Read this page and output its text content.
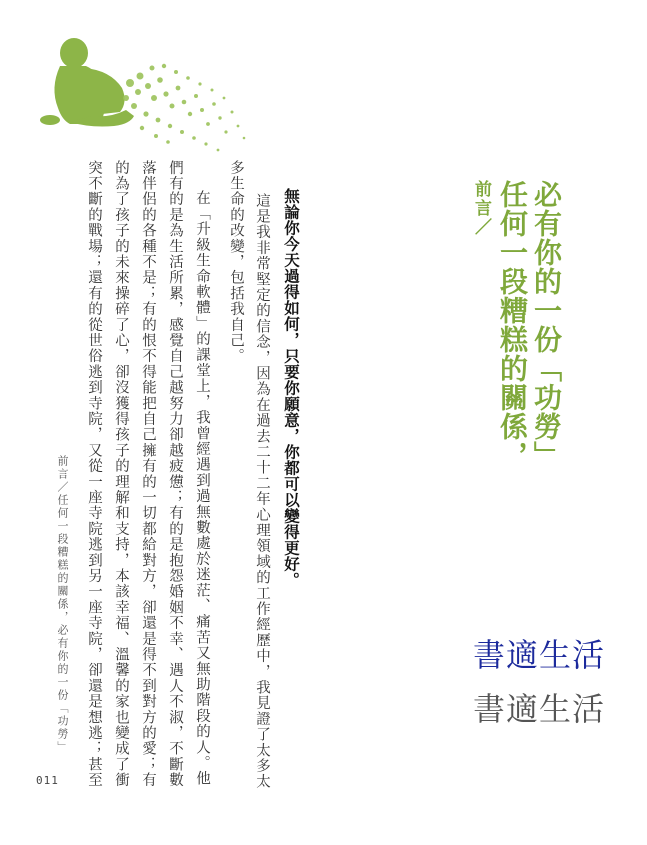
前言／ 任何一段糟糕的關係， 必有你的一份「功勞」
無論你今天過得如何，只要你願意，你都可以變得更好。
這是我非常堅定的信念，因為在過去二十二年心理領域的工作經歷中，我見證了太多太
多生命的改變，包括我自己。
在「升級生命軟體」的課堂上，我曾經遇到過無數處於迷茫、痛苦又無助階段的人。他
們有的是為生活所累，感覺自己越努力卻越疲憊；有的是抱怨婚姻不幸、遇人不淑，不斷數
落伴侶的各種不是；有的恨不得能把自己擁有的一切都給對方，卻還是得不到對方的愛；有
的為了孩子的未來操碎了心，卻沒獲得孩子的理解和支持，本該幸福、溫馨的家也變成了衝
突不斷的戰場；還有的從世俗逃到寺院，又從一座寺院逃到另一座寺院，卻還是想逃；甚至
前言／任何一段糟糕的關係，必有你的一份「功勞」
011
書適生活
書適生活
